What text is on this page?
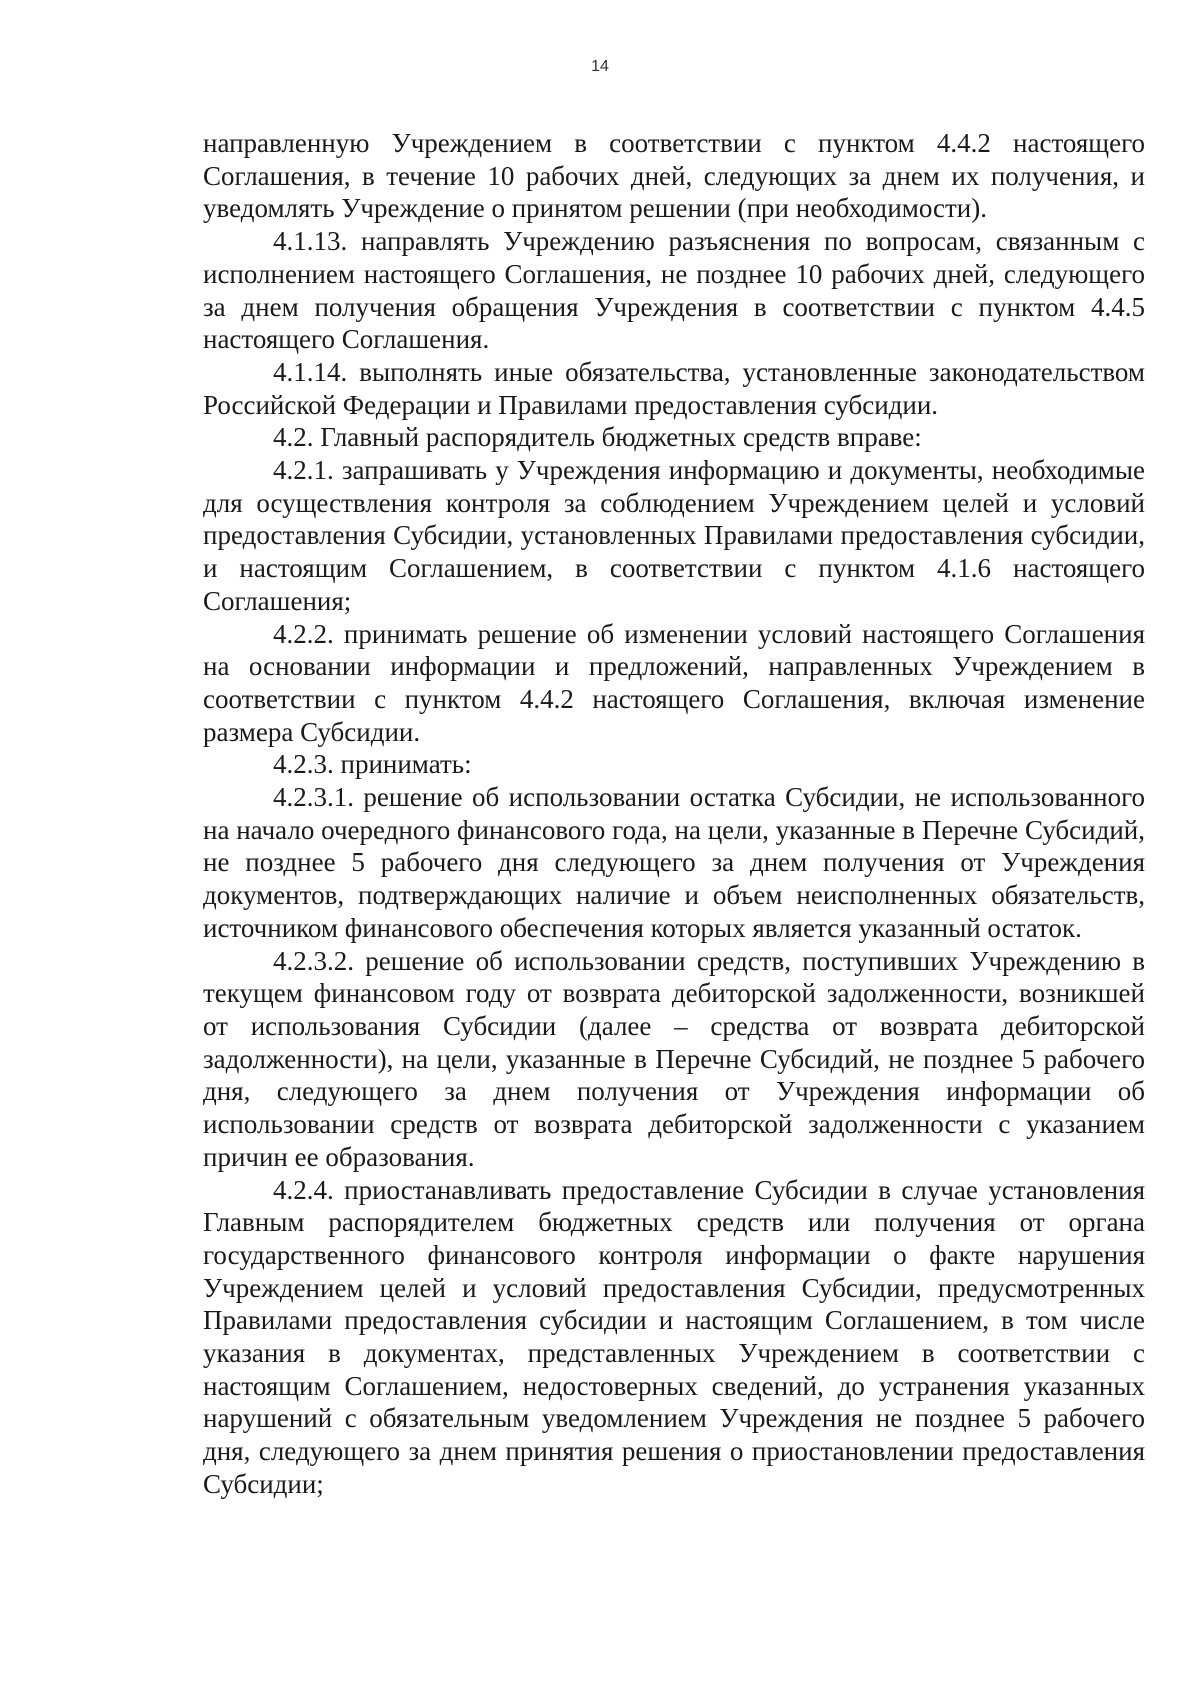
14

направленную Учреждением в соответствии с пунктом 4.4.2 настоящего Соглашения, в течение 10 рабочих дней, следующих за днем их получения, и уведомлять Учреждение о принятом решении (при необходимости).

4.1.13. направлять Учреждению разъяснения по вопросам, связанным с исполнением настоящего Соглашения, не позднее 10 рабочих дней, следующего за днем получения обращения Учреждения в соответствии с пунктом 4.4.5 настоящего Соглашения.

4.1.14. выполнять иные обязательства, установленные законодательством Российской Федерации и Правилами предоставления субсидии.

4.2. Главный распорядитель бюджетных средств вправе:

4.2.1. запрашивать у Учреждения информацию и документы, необходимые для осуществления контроля за соблюдением Учреждением целей и условий предоставления Субсидии, установленных Правилами предоставления субсидии, и настоящим Соглашением, в соответствии с пунктом 4.1.6 настоящего Соглашения;

4.2.2. принимать решение об изменении условий настоящего Соглашения на основании информации и предложений, направленных Учреждением в соответствии с пунктом 4.4.2 настоящего Соглашения, включая изменение размера Субсидии.

4.2.3. принимать:

4.2.3.1. решение об использовании остатка Субсидии, не использованного на начало очередного финансового года, на цели, указанные в Перечне Субсидий, не позднее 5 рабочего дня следующего за днем получения от Учреждения документов, подтверждающих наличие и объем неисполненных обязательств, источником финансового обеспечения которых является указанный остаток.

4.2.3.2. решение об использовании средств, поступивших Учреждению в текущем финансовом году от возврата дебиторской задолженности, возникшей от использования Субсидии (далее – средства от возврата дебиторской задолженности), на цели, указанные в Перечне Субсидий, не позднее 5 рабочего дня, следующего за днем получения от Учреждения информации об использовании средств от возврата дебиторской задолженности с указанием причин ее образования.

4.2.4. приостанавливать предоставление Субсидии в случае установления Главным распорядителем бюджетных средств или получения от органа государственного финансового контроля информации о факте нарушения Учреждением целей и условий предоставления Субсидии, предусмотренных Правилами предоставления субсидии и настоящим Соглашением, в том числе указания в документах, представленных Учреждением в соответствии с настоящим Соглашением, недостоверных сведений, до устранения указанных нарушений с обязательным уведомлением Учреждения не позднее 5 рабочего дня, следующего за днем принятия решения о приостановлении предоставления Субсидии;
